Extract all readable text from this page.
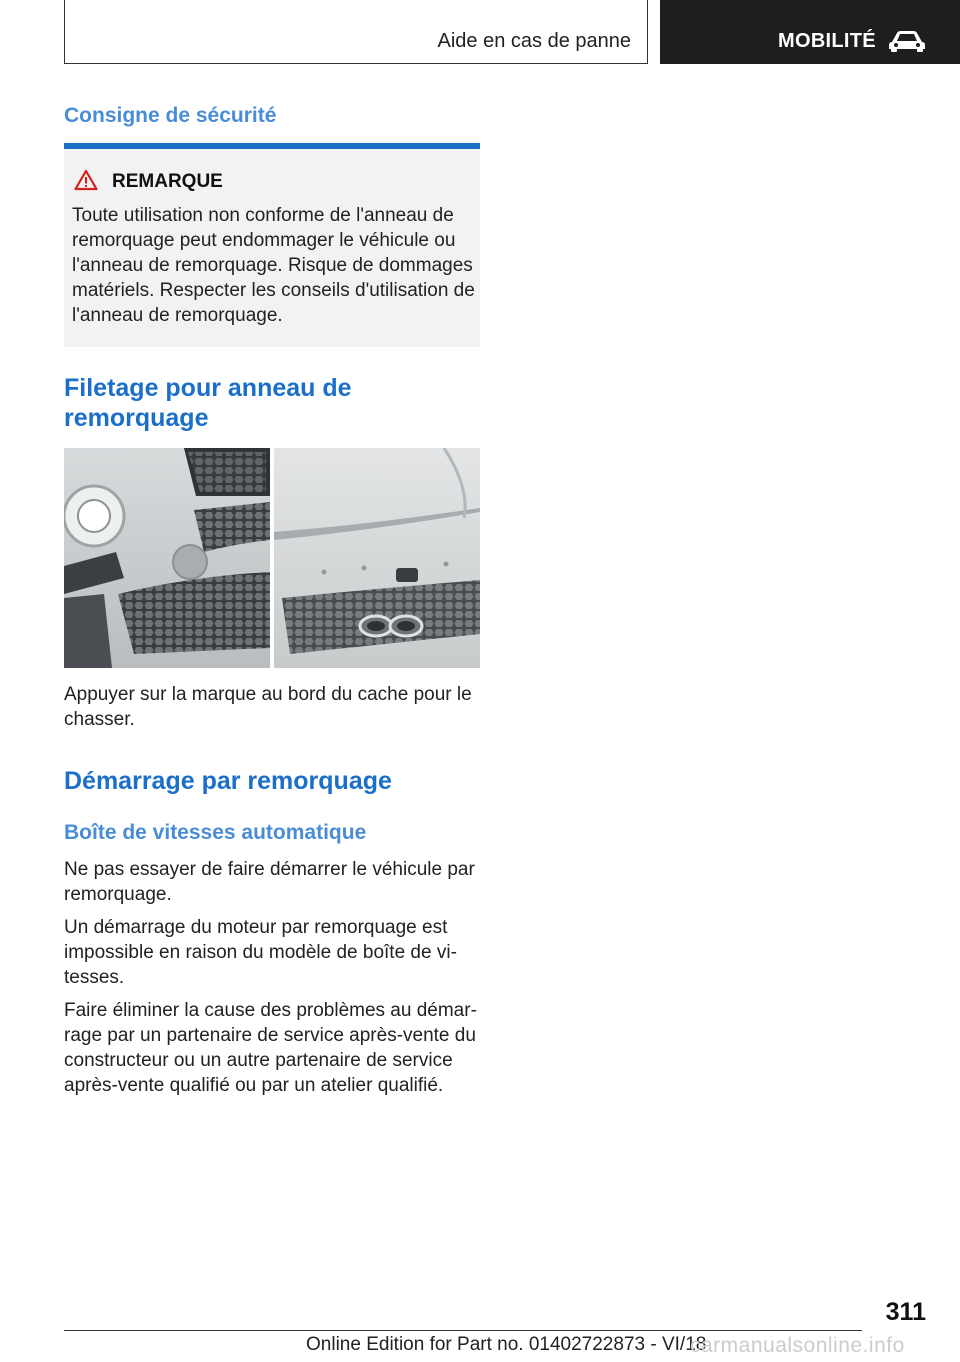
Aide en cas de panne	MOBILITÉ
Consigne de sécurité
REMARQUE
Toute utilisation non conforme de l'anneau de remorquage peut endommager le véhicule ou l'anneau de remorquage. Risque de dommages matériels. Respecter les conseils d'utilisation de l'anneau de remorquage.
Filetage pour anneau de remorquage

Appuyer sur la marque au bord du cache pour le chasser.

Démarrage par remorquage
Boîte de vitesses automatique

Ne pas essayer de faire démarrer le véhicule par remorquage.

Un démarrage du moteur par remorquage est impossible en raison du modèle de boîte de vitesses.

Faire éliminer la cause des problèmes au démarrage par un partenaire de service après-vente du constructeur ou un autre partenaire de service après-vente qualifié ou par un atelier qualifié.

311
Online Edition for Part no. 01402722873 - VI/18
carmanualsonline.info
